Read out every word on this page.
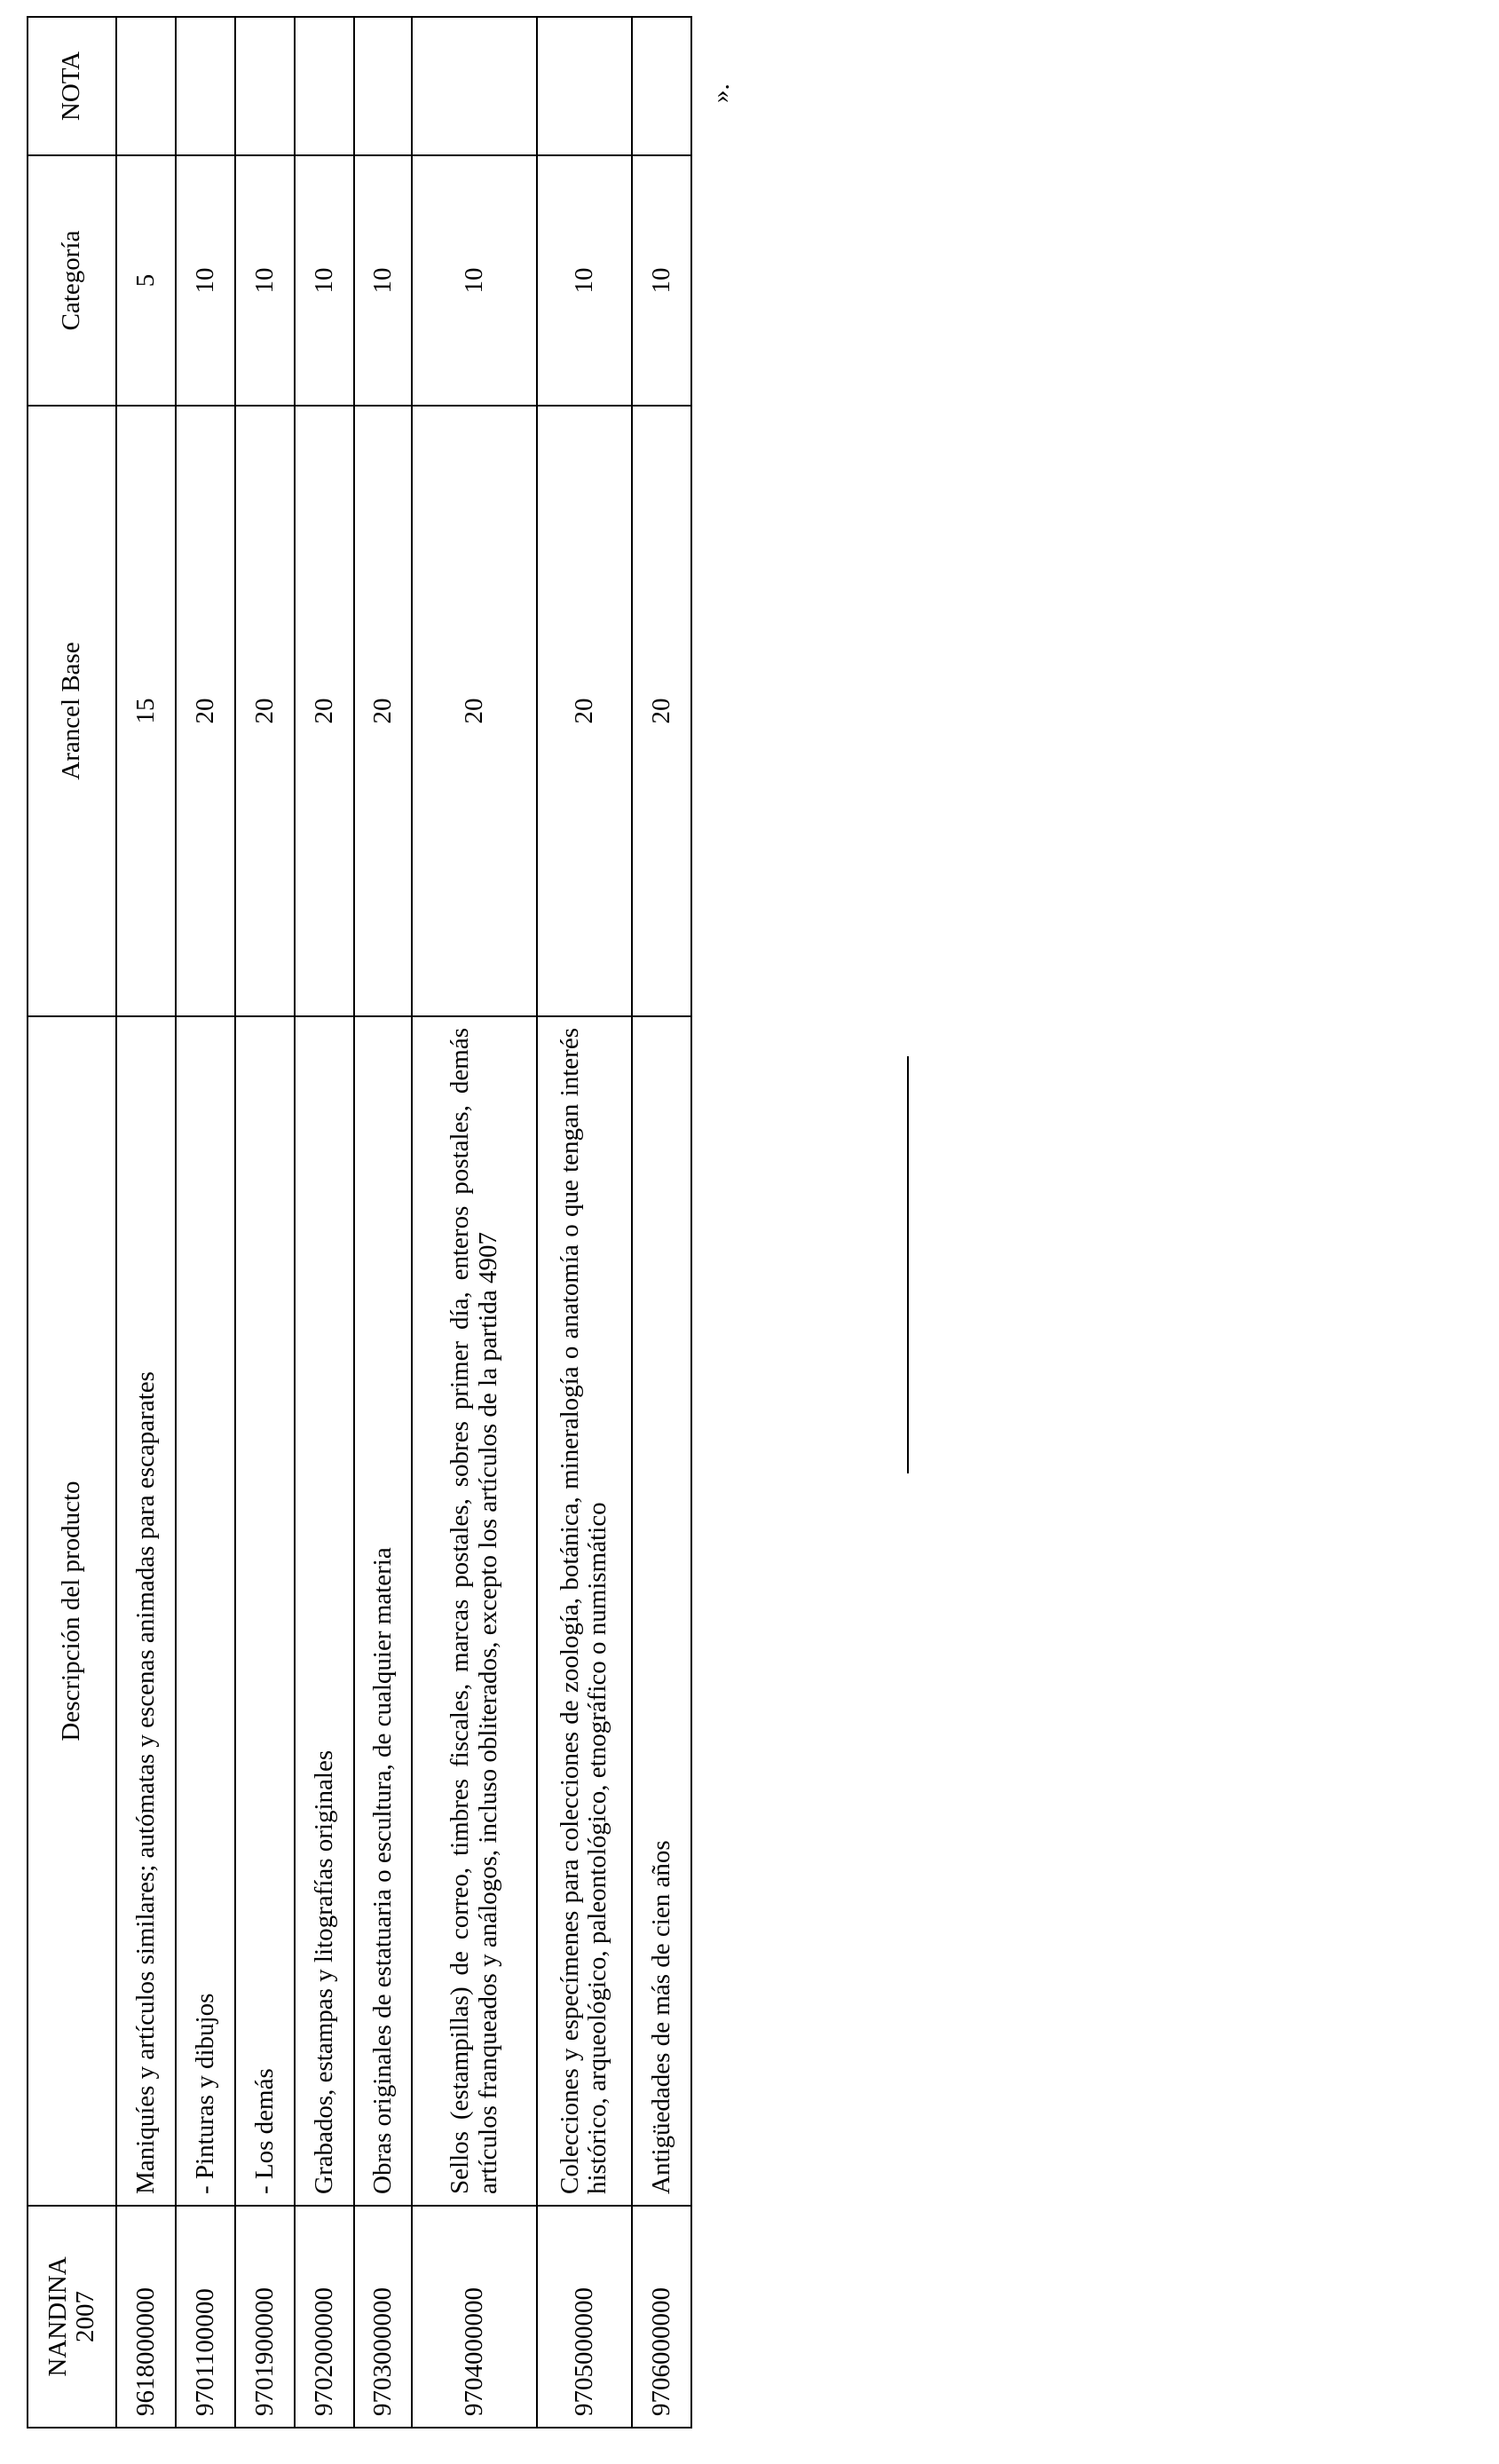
NANDINA 2007	Descripción del producto	Arancel Base	Categoría	NOTA
9618000000	Maniquíes y artículos similares; autómatas y escenas animadas para escaparates	15	5	
9701100000	- Pinturas y dibujos	20	10	
9701900000	- Los demás	20	10	
9702000000	Grabados, estampas y litografías originales	20	10	
9703000000	Obras originales de estatuaria o escultura, de cualquier materia	20	10	
9704000000	Sellos (estampillas) de correo, timbres fiscales, marcas postales, sobres primer día, enteros postales, demás artículos franqueados y análogos, incluso obliterados, excepto los artículos de la partida 4907	20	10	
9705000000	Colecciones y especímenes para colecciones de zoología, botánica, mineralogía o anatomía o que tengan interés histórico, arqueológico, paleontológico, etnográfico o numismático	20	10	
9706000000	Antigüedades de más de cien años	20	10	
».
